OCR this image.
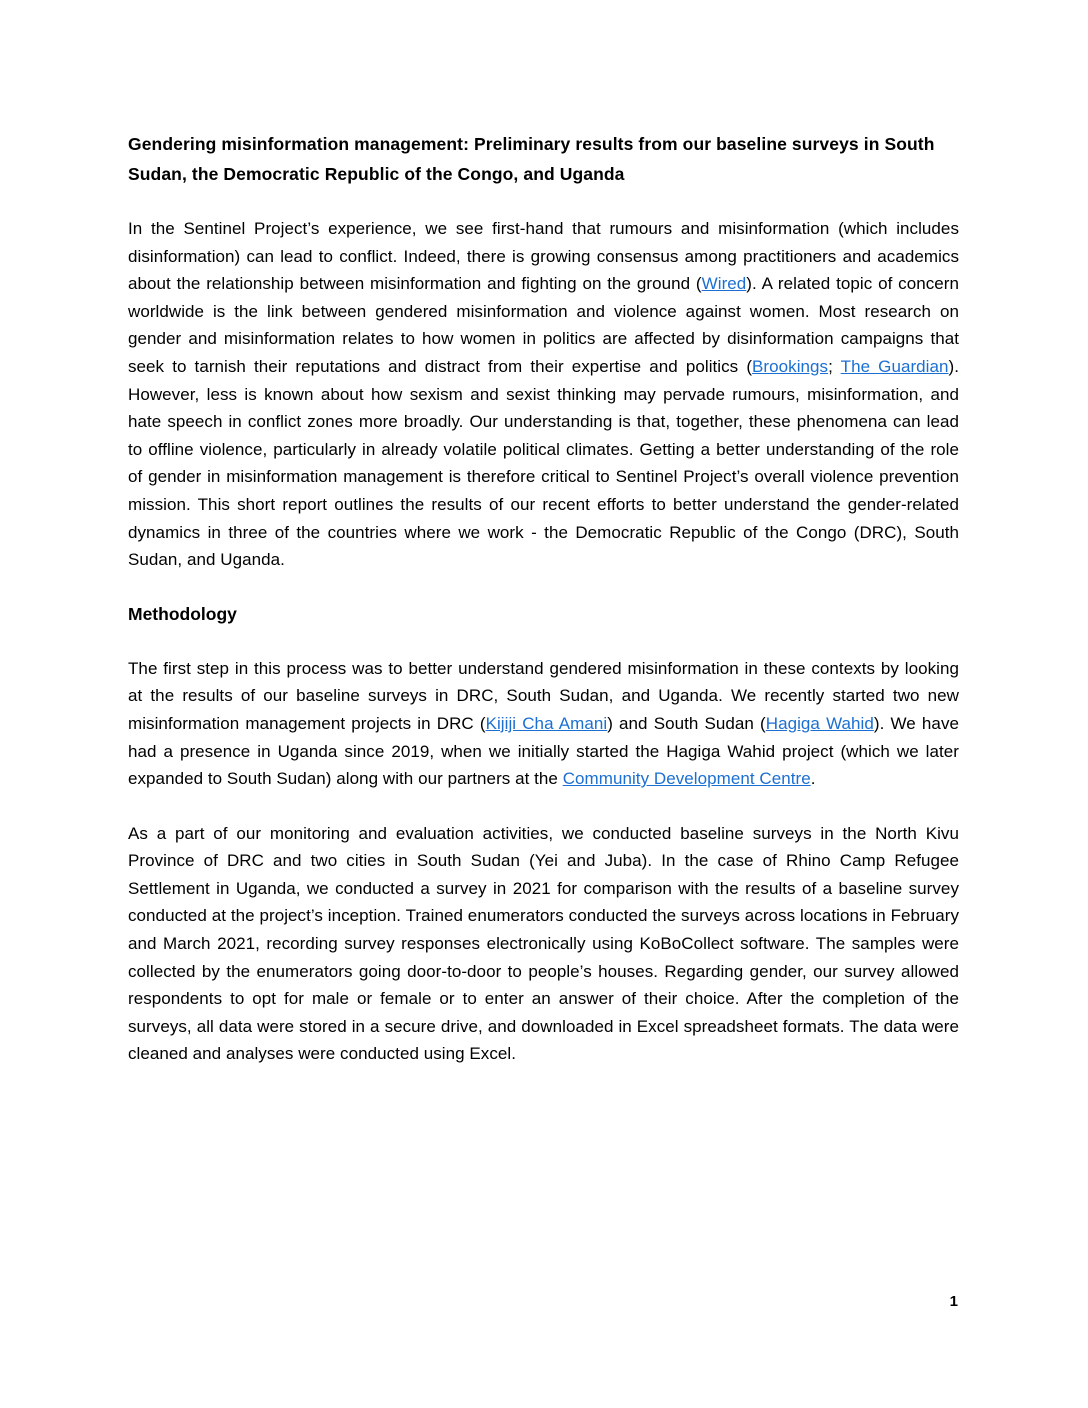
Gendering misinformation management: Preliminary results from our baseline surveys in South Sudan, the Democratic Republic of the Congo, and Uganda

In the Sentinel Project’s experience, we see first-hand that rumours and misinformation (which includes disinformation) can lead to conflict. Indeed, there is growing consensus among practitioners and academics about the relationship between misinformation and fighting on the ground (Wired). A related topic of concern worldwide is the link between gendered misinformation and violence against women. Most research on gender and misinformation relates to how women in politics are affected by disinformation campaigns that seek to tarnish their reputations and distract from their expertise and politics (Brookings; The Guardian). However, less is known about how sexism and sexist thinking may pervade rumours, misinformation, and hate speech in conflict zones more broadly. Our understanding is that, together, these phenomena can lead to offline violence, particularly in already volatile political climates. Getting a better understanding of the role of gender in misinformation management is therefore critical to Sentinel Project’s overall violence prevention mission. This short report outlines the results of our recent efforts to better understand the gender-related dynamics in three of the countries where we work - the Democratic Republic of the Congo (DRC), South Sudan, and Uganda.

Methodology

The first step in this process was to better understand gendered misinformation in these contexts by looking at the results of our baseline surveys in DRC, South Sudan, and Uganda. We recently started two new misinformation management projects in DRC (Kijiji Cha Amani) and South Sudan (Hagiga Wahid). We have had a presence in Uganda since 2019, when we initially started the Hagiga Wahid project (which we later expanded to South Sudan) along with our partners at the Community Development Centre.

As a part of our monitoring and evaluation activities, we conducted baseline surveys in the North Kivu Province of DRC and two cities in South Sudan (Yei and Juba). In the case of Rhino Camp Refugee Settlement in Uganda, we conducted a survey in 2021 for comparison with the results of a baseline survey conducted at the project’s inception. Trained enumerators conducted the surveys across locations in February and March 2021, recording survey responses electronically using KoBoCollect software. The samples were collected by the enumerators going door-to-door to people’s houses. Regarding gender, our survey allowed respondents to opt for male or female or to enter an answer of their choice. After the completion of the surveys, all data were stored in a secure drive, and downloaded in Excel spreadsheet formats. The data were cleaned and analyses were conducted using Excel.

1
